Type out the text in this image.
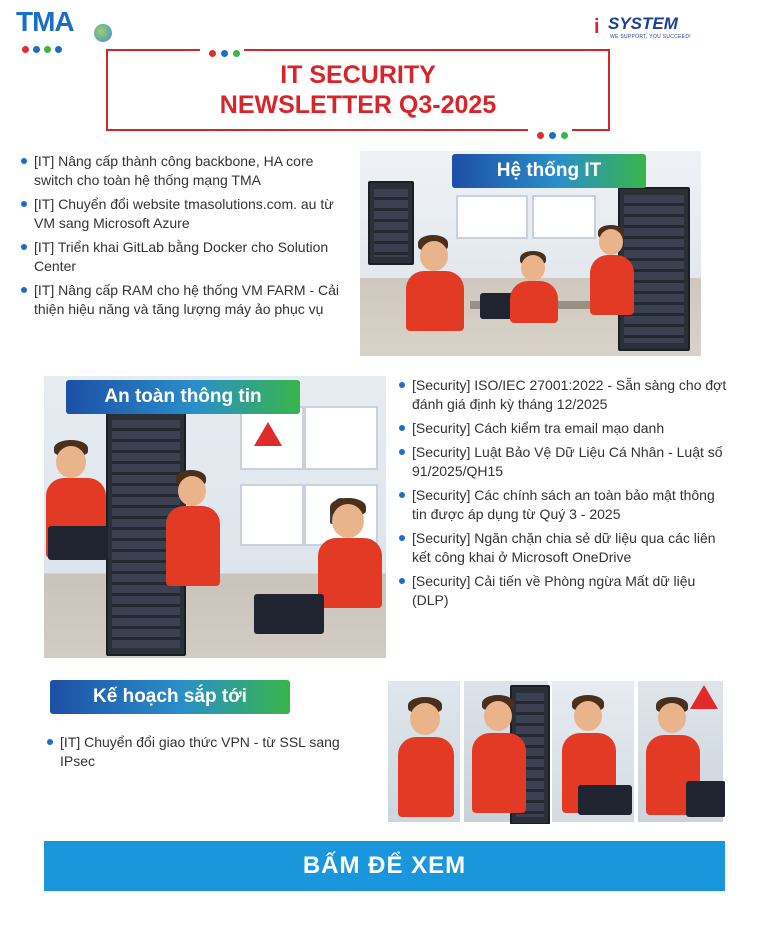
TMA	i SYSTEM
WE SUPPORT, YOU SUCCEED!
IT SECURITY
NEWSLETTER Q3-2025
[IT] Nâng cấp thành công backbone, HA core switch cho toàn hệ thống mạng TMA
[IT] Chuyển đổi website tmasolutions.com. au từ VM sang Microsoft Azure
[IT] Triển khai GitLab bằng Docker cho Solution Center
[IT] Nâng cấp RAM cho hệ thống VM FARM - Cải thiện hiệu năng và tăng lượng máy ảo phục vụ
Hệ thống IT
An toàn thông tin
[Security] ISO/IEC 27001:2022 - Sẵn sàng cho đợt đánh giá định kỳ tháng 12/2025
[Security] Cách kiểm tra email mạo danh
[Security] Luật Bảo Vệ Dữ Liệu Cá Nhân - Luật số 91/2025/QH15
[Security] Các chính sách an toàn bảo mật thông tin được áp dụng từ Quý 3 - 2025
[Security] Ngăn chặn chia sẻ dữ liệu qua các liên kết công khai ở Microsoft OneDrive
[Security] Cải tiến về Phòng ngừa Mất dữ liệu (DLP)
Kế hoạch sắp tới
[IT] Chuyển đổi giao thức VPN - từ SSL sang IPsec
BẤM ĐỂ XEM
